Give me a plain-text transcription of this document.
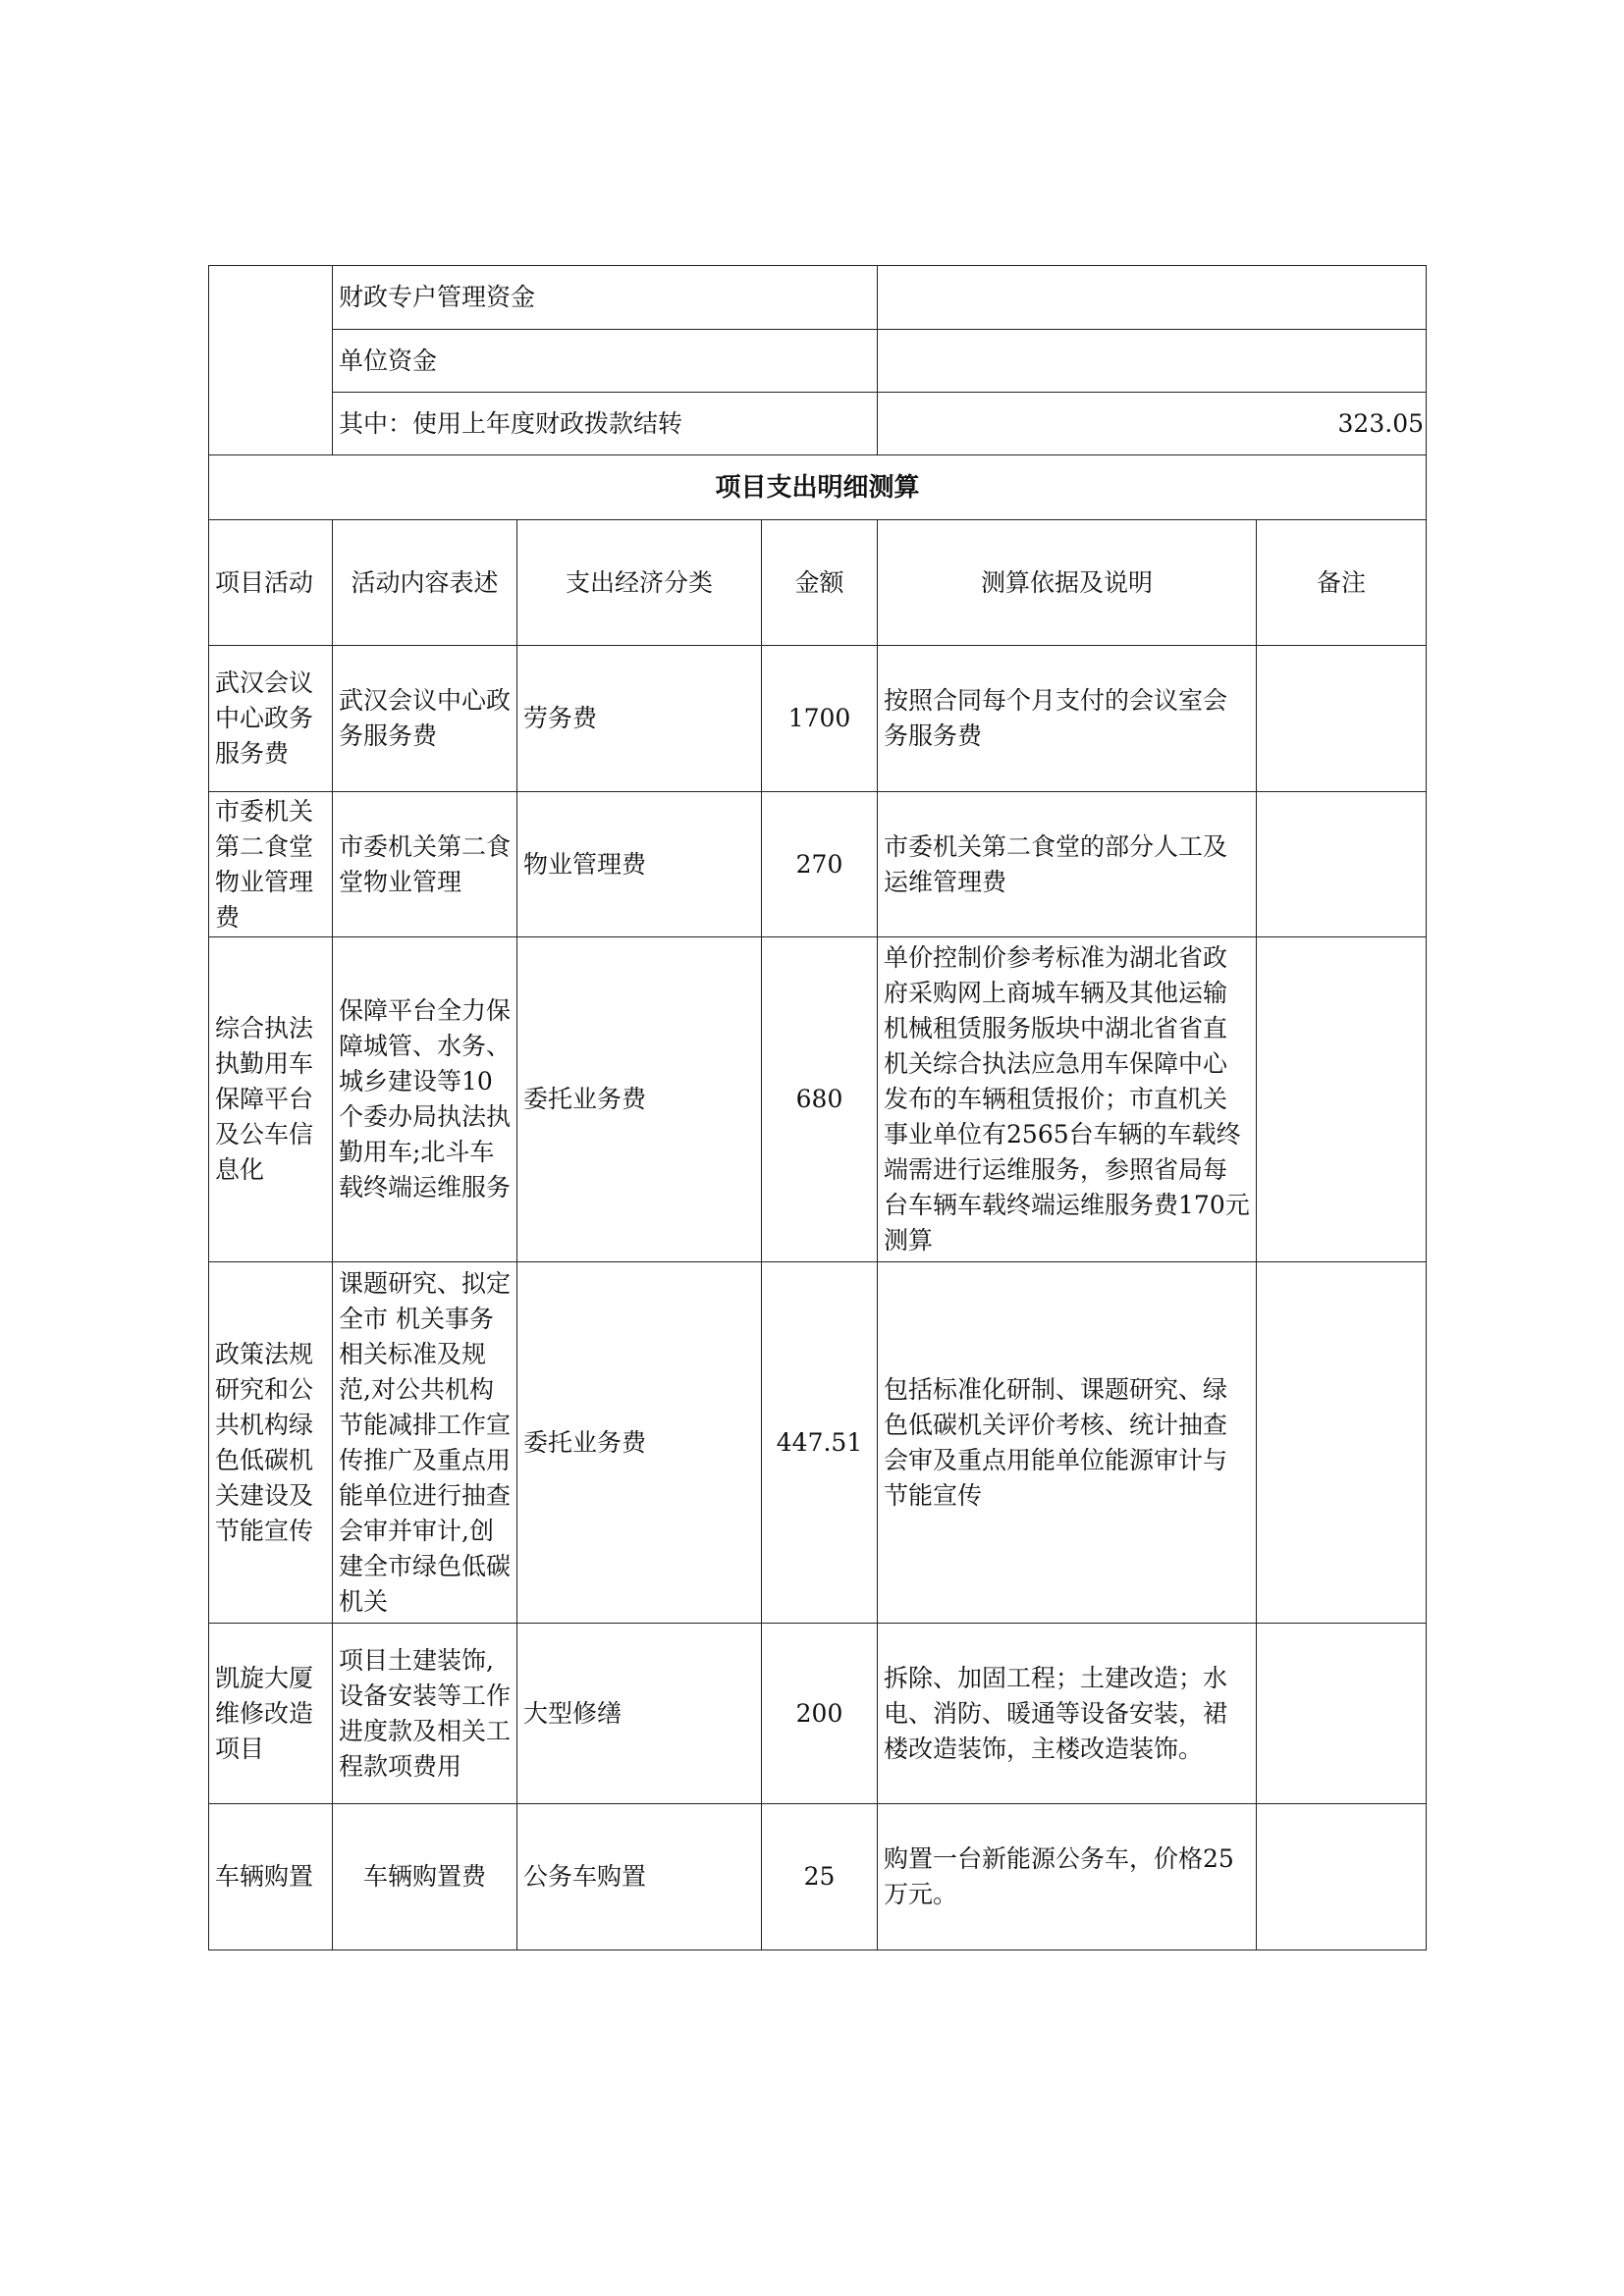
	财政专户管理资金				
	单位资金				
	其中：使用上年度财政拨款结转			323.05	
项目支出明细测算					
项目活动	活动内容表述	支出经济分类	金额	测算依据及说明	备注
武汉会议中心政务服务费	武汉会议中心政务服务费	劳务费	1700	按照合同每个月支付的会议室会务服务费	
市委机关第二食堂物业管理费	市委机关第二食堂物业管理	物业管理费	270	市委机关第二食堂的部分人工及运维管理费	
综合执法执勤用车保障平台及公车信息化	保障平台全力保障城管、水务、城乡建设等10个委办局执法执勤用车;北斗车载终端运维服务	委托业务费	680	单价控制价参考标准为湖北省政府采购网上商城车辆及其他运输机械租赁服务版块中湖北省省直机关综合执法应急用车保障中心发布的车辆租赁报价；市直机关事业单位有2565台车辆的车载终端需进行运维服务，参照省局每台车辆车载终端运维服务费170元测算	
政策法规研究和公共机构绿色低碳机关建设及节能宣传	课题研究、拟定全市 机关事务相关标准及规范,对公共机构节能减排工作宣传推广及重点用能单位进行抽查会审并审计,创建全市绿色低碳机关	委托业务费	447.51	包括标准化研制、课题研究、绿色低碳机关评价考核、统计抽查会审及重点用能单位能源审计与节能宣传	
凯旋大厦维修改造项目	项目土建装饰,设备安装等工作进度款及相关工程款项费用	大型修缮	200	拆除、加固工程；土建改造；水电、消防、暖通等设备安装，裙楼改造装饰，主楼改造装饰。	
车辆购置	车辆购置费	公务车购置	25	购置一台新能源公务车，价格25万元。	
